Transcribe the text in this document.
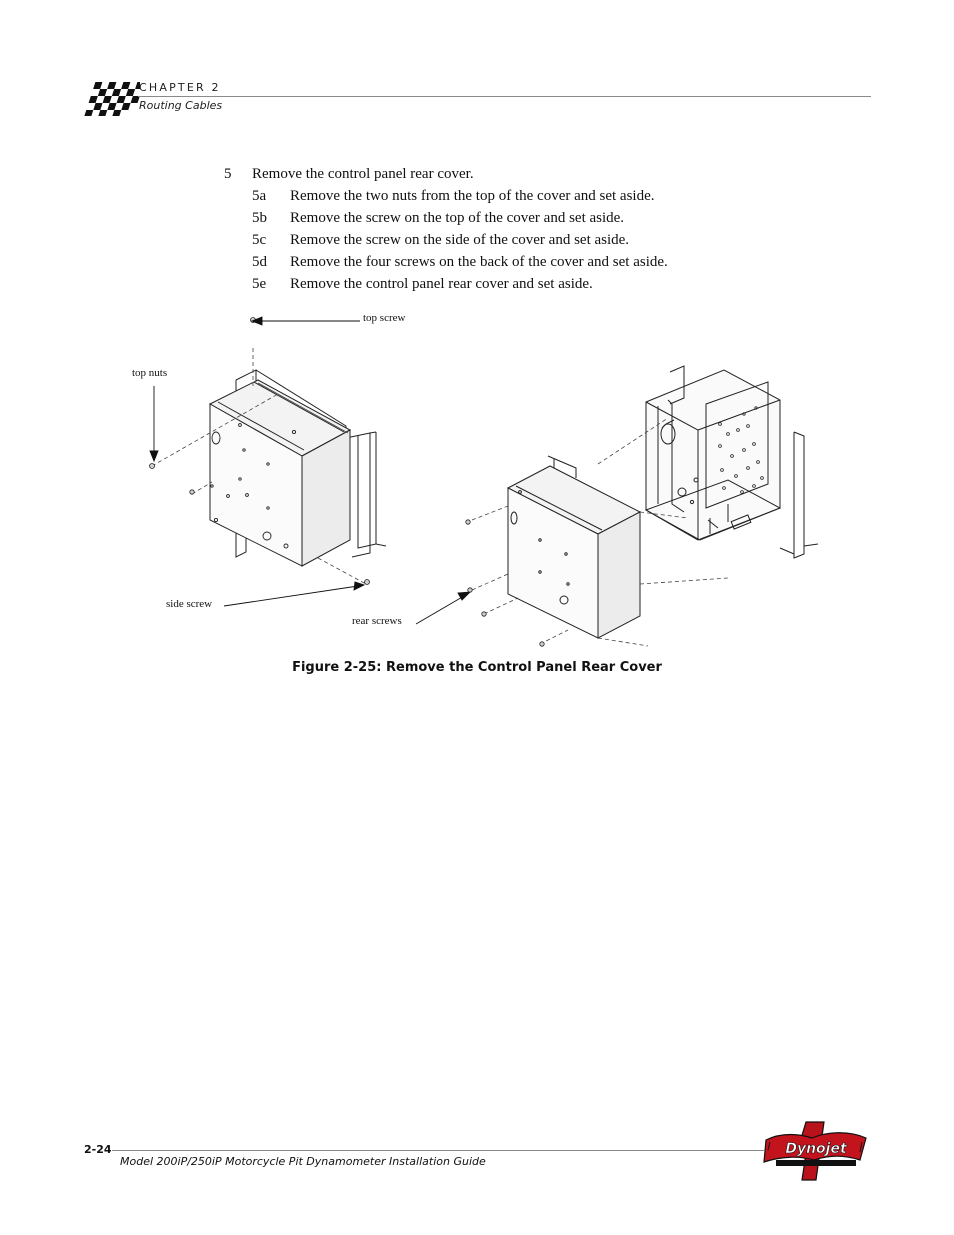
CHAPTER 2
Routing Cables
5	Remove the control panel rear cover.
5a	Remove the two nuts from the top of the cover and set aside.
5b	Remove the screw on the top of the cover and set aside.
5c	Remove the screw on the side of the cover and set aside.
5d	Remove the four screws on the back of the cover and set aside.
5e	Remove the control panel rear cover and set aside.
top screw
top nuts
side screw
rear screws
Figure 2-25: Remove the Control Panel Rear Cover
2-24
Model 200iP/250iP Motorcycle Pit Dynamometer Installation Guide
Dynojet
